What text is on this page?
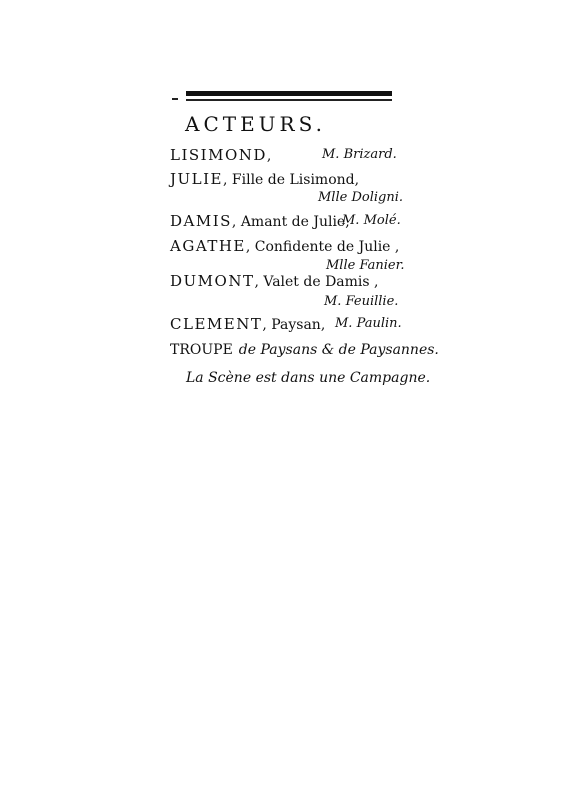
ACTEURS.
LISIMOND,	M. Brizard.
JULIE, Fille de Lisimond,
Mlle Doligni.
DAMIS, Amant de Julie,
M. Molé.
AGATHE, Confidente de Julie ,
Mlle Fanier.
DUMONT, Valet de Damis ,
M. Feuillie.
CLEMENT, Paysan, M. Paulin.
TROUPE de Paysans & de Paysannes.
La Scène est dans une Campagne.
